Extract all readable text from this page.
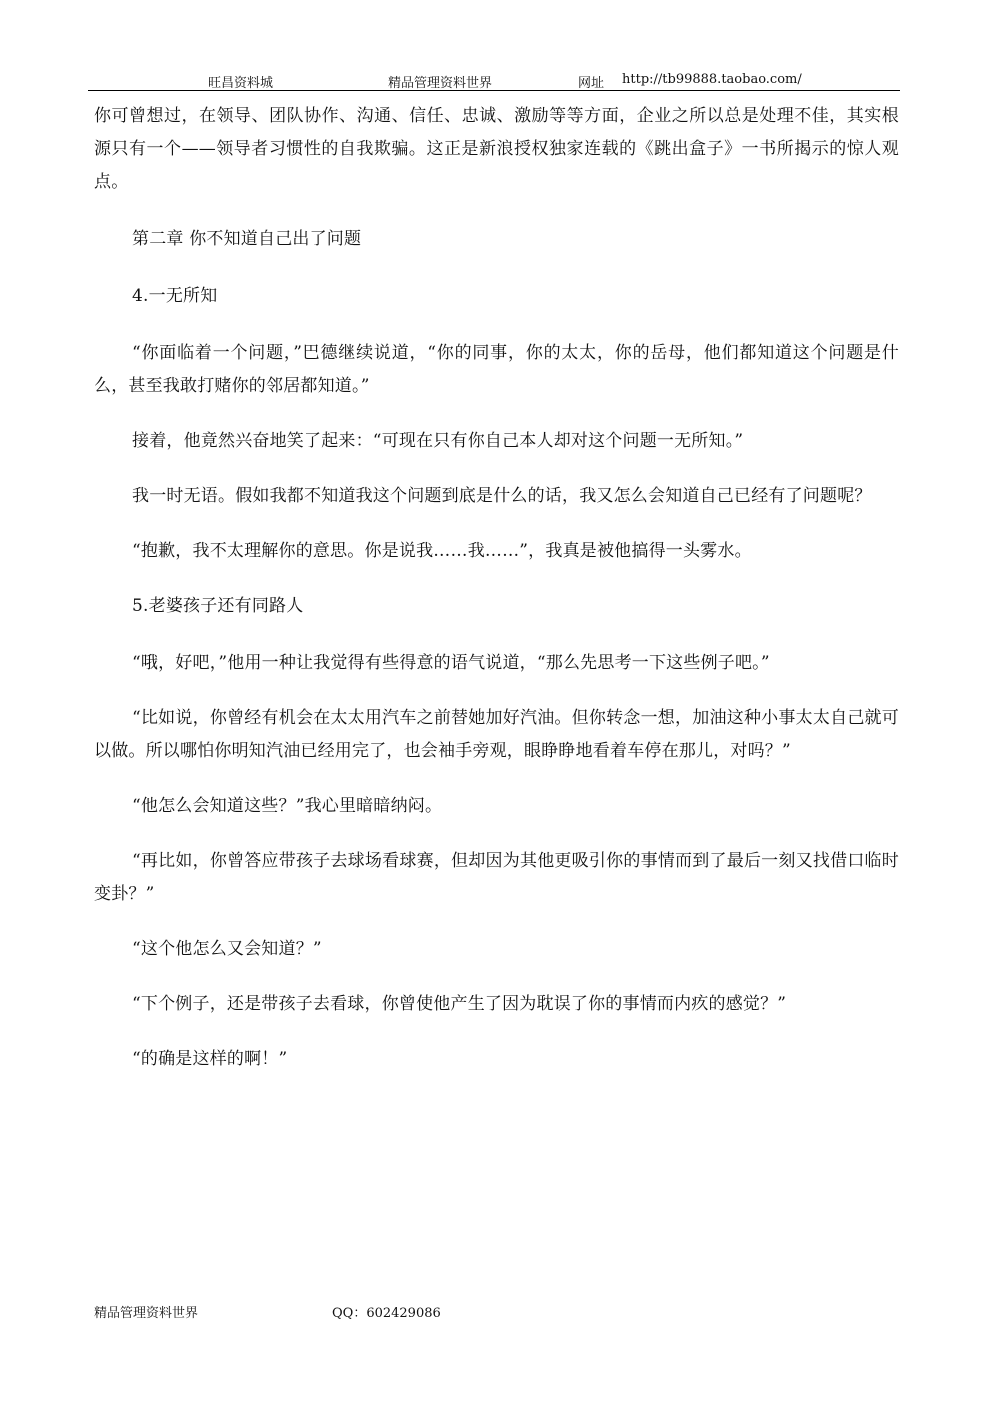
旺昌资料城	精品管理资料世界	网址 http://tb99888.taobao.com/

你可曾想过，在领导、团队协作、沟通、信任、忠诚、激励等等方面，企业之所以总是处理不佳，其实根源只有一个——领导者习惯性的自我欺骗。这正是新浪授权独家连载的《跳出盒子》一书所揭示的惊人观点。

第二章 你不知道自己出了问题

4.一无所知

“你面临着一个问题，”巴德继续说道，“你的同事，你的太太，你的岳母，他们都知道这个问题是什么，甚至我敢打赌你的邻居都知道。”

接着，他竟然兴奋地笑了起来：“可现在只有你自己本人却对这个问题一无所知。”

我一时无语。假如我都不知道我这个问题到底是什么的话，我又怎么会知道自己已经有了问题呢？

“抱歉，我不太理解你的意思。你是说我……我……”，我真是被他搞得一头雾水。

5.老婆孩子还有同路人

“哦，好吧，”他用一种让我觉得有些得意的语气说道，“那么先思考一下这些例子吧。”

“比如说，你曾经有机会在太太用汽车之前替她加好汽油。但你转念一想，加油这种小事太太自己就可以做。所以哪怕你明知汽油已经用完了，也会袖手旁观，眼睁睁地看着车停在那儿，对吗？”

“他怎么会知道这些？”我心里暗暗纳闷。

“再比如，你曾答应带孩子去球场看球赛，但却因为其他更吸引你的事情而到了最后一刻又找借口临时变卦？”

“这个他怎么又会知道？”

“下个例子，还是带孩子去看球，你曾使他产生了因为耽误了你的事情而内疚的感觉？”

“的确是这样的啊！”

精品管理资料世界	QQ：602429086
